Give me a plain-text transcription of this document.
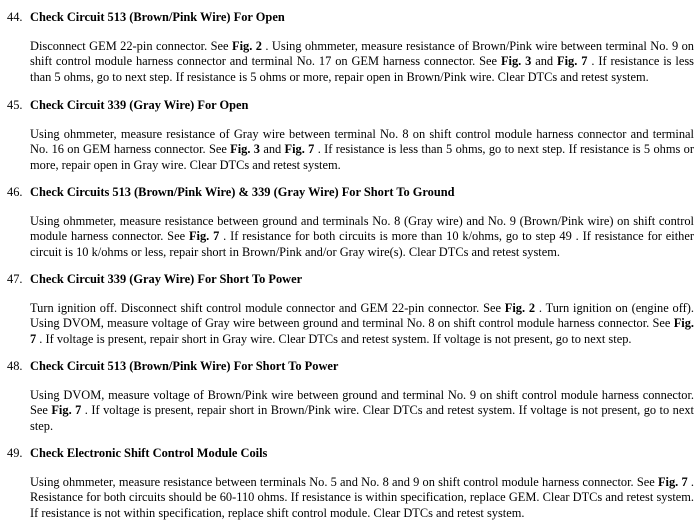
44. Check Circuit 513 (Brown/Pink Wire) For Open

Disconnect GEM 22-pin connector. See Fig. 2 . Using ohmmeter, measure resistance of Brown/Pink wire between terminal No. 9 on shift control module harness connector and terminal No. 17 on GEM harness connector. See Fig. 3 and Fig. 7 . If resistance is less than 5 ohms, go to next step. If resistance is 5 ohms or more, repair open in Brown/Pink wire. Clear DTCs and retest system.

45. Check Circuit 339 (Gray Wire) For Open

Using ohmmeter, measure resistance of Gray wire between terminal No. 8 on shift control module harness connector and terminal No. 16 on GEM harness connector. See Fig. 3 and Fig. 7 . If resistance is less than 5 ohms, go to next step. If resistance is 5 ohms or more, repair open in Gray wire. Clear DTCs and retest system.

46. Check Circuits 513 (Brown/Pink Wire) & 339 (Gray Wire) For Short To Ground

Using ohmmeter, measure resistance between ground and terminals No. 8 (Gray wire) and No. 9 (Brown/Pink wire) on shift control module harness connector. See Fig. 7 . If resistance for both circuits is more than 10 k/ohms, go to step 49 . If resistance for either circuit is 10 k/ohms or less, repair short in Brown/Pink and/or Gray wire(s). Clear DTCs and retest system.

47. Check Circuit 339 (Gray Wire) For Short To Power

Turn ignition off. Disconnect shift control module connector and GEM 22-pin connector. See Fig. 2 . Turn ignition on (engine off). Using DVOM, measure voltage of Gray wire between ground and terminal No. 8 on shift control module harness connector. See Fig. 7 . If voltage is present, repair short in Gray wire. Clear DTCs and retest system. If voltage is not present, go to next step.

48. Check Circuit 513 (Brown/Pink Wire) For Short To Power

Using DVOM, measure voltage of Brown/Pink wire between ground and terminal No. 9 on shift control module harness connector. See Fig. 7 . If voltage is present, repair short in Brown/Pink wire. Clear DTCs and retest system. If voltage is not present, go to next step.

49. Check Electronic Shift Control Module Coils

Using ohmmeter, measure resistance between terminals No. 5 and No. 8 and 9 on shift control module harness connector. See Fig. 7 . Resistance for both circuits should be 60-110 ohms. If resistance is within specification, replace GEM. Clear DTCs and retest system. If resistance is not within specification, replace shift control module. Clear DTCs and retest system.
